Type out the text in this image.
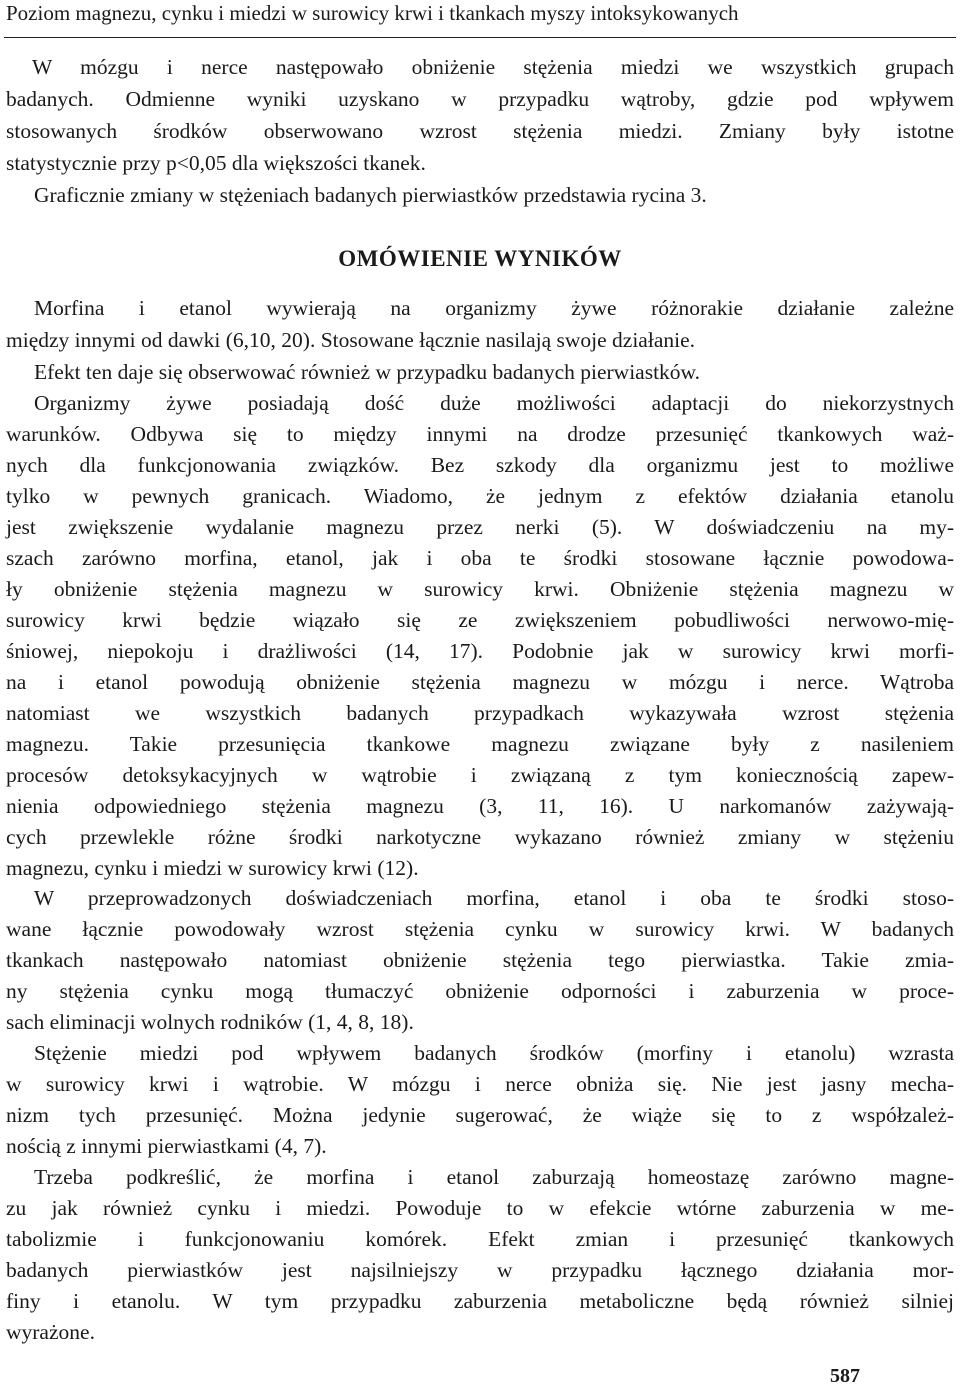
Poziom magnezu, cynku i miedzi w surowicy krwi i tkankach myszy intoksykowanych
W mózgu i nerce następowało obniżenie stężenia miedzi we wszystkich grupach
badanych. Odmienne wyniki uzyskano w przypadku wątroby, gdzie pod wpływem
stosowanych środków obserwowano wzrost stężenia miedzi. Zmiany były istotne
statystycznie przy p<0,05 dla większości tkanek.
Graficznie zmiany w stężeniach badanych pierwiastków przedstawia rycina 3.
OMÓWIENIE WYNIKÓW
Morfina i etanol wywierają na organizmy żywe różnorakie działanie zależne
między innymi od dawki (6,10, 20). Stosowane łącznie nasilają swoje działanie.
Efekt ten daje się obserwować również w przypadku badanych pierwiastków.
Organizmy żywe posiadają dość duże możliwości adaptacji do niekorzystnych
warunków. Odbywa się to między innymi na drodze przesunięć tkankowych waż-
nych dla funkcjonowania związków. Bez szkody dla organizmu jest to możliwe
tylko w pewnych granicach. Wiadomo, że jednym z efektów działania etanolu
jest zwiększenie wydalanie magnezu przez nerki (5). W doświadczeniu na my-
szach zarówno morfina, etanol, jak i oba te środki stosowane łącznie powodowa-
ły obniżenie stężenia magnezu w surowicy krwi. Obniżenie stężenia magnezu w
surowicy krwi będzie wiązało się ze zwiększeniem pobudliwości nerwowo-mię-
śniowej, niepokoju i drażliwości (14, 17). Podobnie jak w surowicy krwi morfi-
na i etanol powodują obniżenie stężenia magnezu w mózgu i nerce. Wątroba
natomiast we wszystkich badanych przypadkach wykazywała wzrost stężenia
magnezu. Takie przesunięcia tkankowe magnezu związane były z nasileniem
procesów detoksykacyjnych w wątrobie i związaną z tym koniecznością zapew-
nienia odpowiedniego stężenia magnezu (3, 11, 16). U narkomanów zażywają-
cych przewlekle różne środki narkotyczne wykazano również zmiany w stężeniu
magnezu, cynku i miedzi w surowicy krwi (12).
W przeprowadzonych doświadczeniach morfina, etanol i oba te środki stoso-
wane łącznie powodowały wzrost stężenia cynku w surowicy krwi. W badanych
tkankach następowało natomiast obniżenie stężenia tego pierwiastka. Takie zmia-
ny stężenia cynku mogą tłumaczyć obniżenie odporności i zaburzenia w proce-
sach eliminacji wolnych rodników (1, 4, 8, 18).
Stężenie miedzi pod wpływem badanych środków (morfiny i etanolu) wzrasta
w surowicy krwi i wątrobie. W mózgu i nerce obniża się. Nie jest jasny mecha-
nizm tych przesunięć. Można jedynie sugerować, że wiąże się to z współzależ-
nością z innymi pierwiastkami (4, 7).
Trzeba podkreślić, że morfina i etanol zaburzają homeostazę zarówno magne-
zu jak również cynku i miedzi. Powoduje to w efekcie wtórne zaburzenia w me-
tabolizmie i funkcjonowaniu komórek. Efekt zmian i przesunięć tkankowych
badanych pierwiastków jest najsilniejszy w przypadku łącznego działania mor-
finy i etanolu. W tym przypadku zaburzenia metaboliczne będą również silniej
wyrażone.
587
